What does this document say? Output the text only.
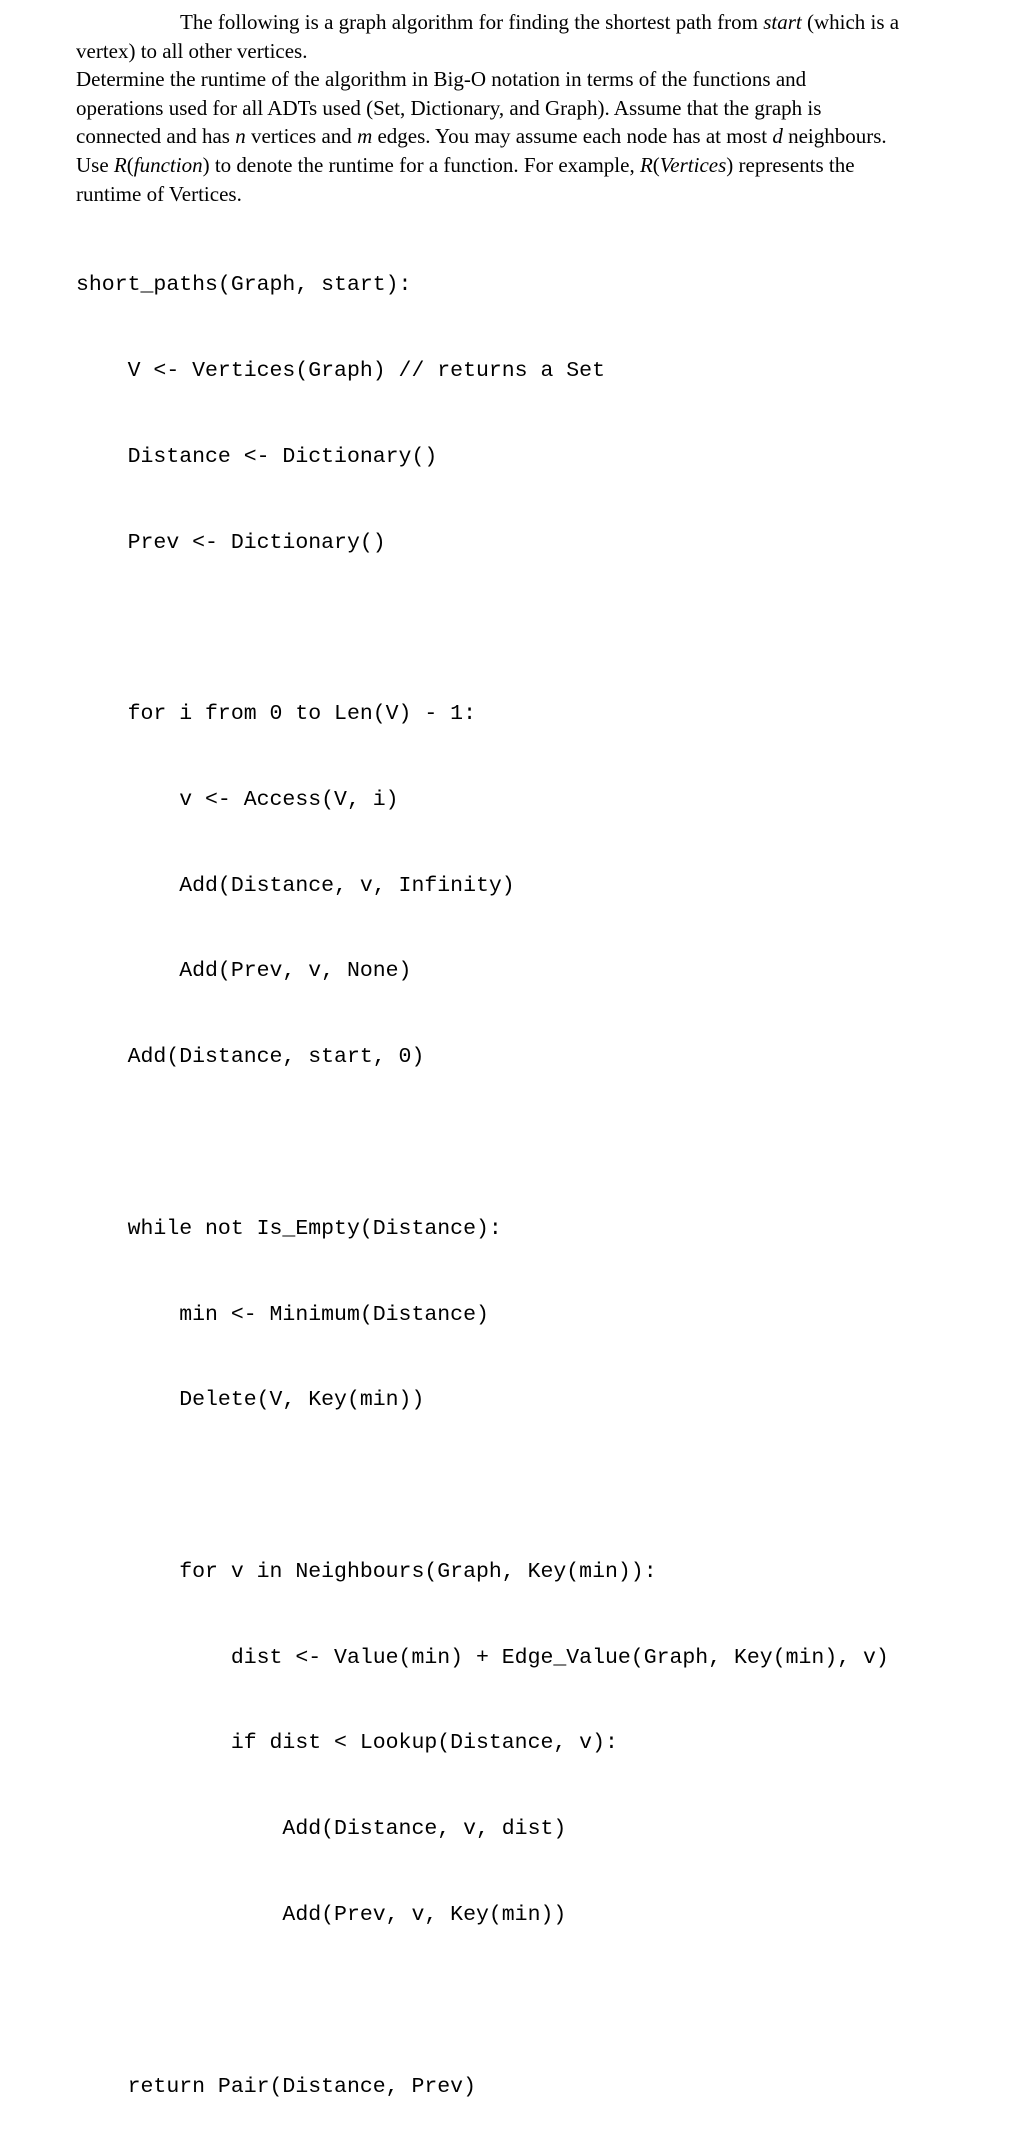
The following is a graph algorithm for finding the shortest path from start (which is a
vertex) to all other vertices.

Determine the runtime of the algorithm in Big-O notation in terms of the functions and
operations used for all ADTs used (Set, Dictionary, and Graph). Assume that the graph is
connected and has n vertices and m edges. You may assume each node has at most d neighbours.
Use R(function) to denote the runtime for a function. For example, R(Vertices) represents the
runtime of Vertices.

short_paths(Graph, start):

V <- Vertices(Graph) // returns a Set

Distance <- Dictionary()

Prev <- Dictionary()

for i from 0 to Len(V) - 1:

v <- Access(V, i)

Add(Distance, v, Infinity)

Add(Prev, v, None)

Add(Distance, start, 0)

while not Is_Empty(Distance):

min <- Minimum(Distance)

Delete(V, Key(min))

for v in Neighbours(Graph, Key(min)):

dist <- Value(min) + Edge_Value(Graph, Key(min), v)

if dist < Lookup(Distance, v):

Add(Distance, v, dist)

Add(Prev, v, Key(min))

return Pair(Distance, Prev)
